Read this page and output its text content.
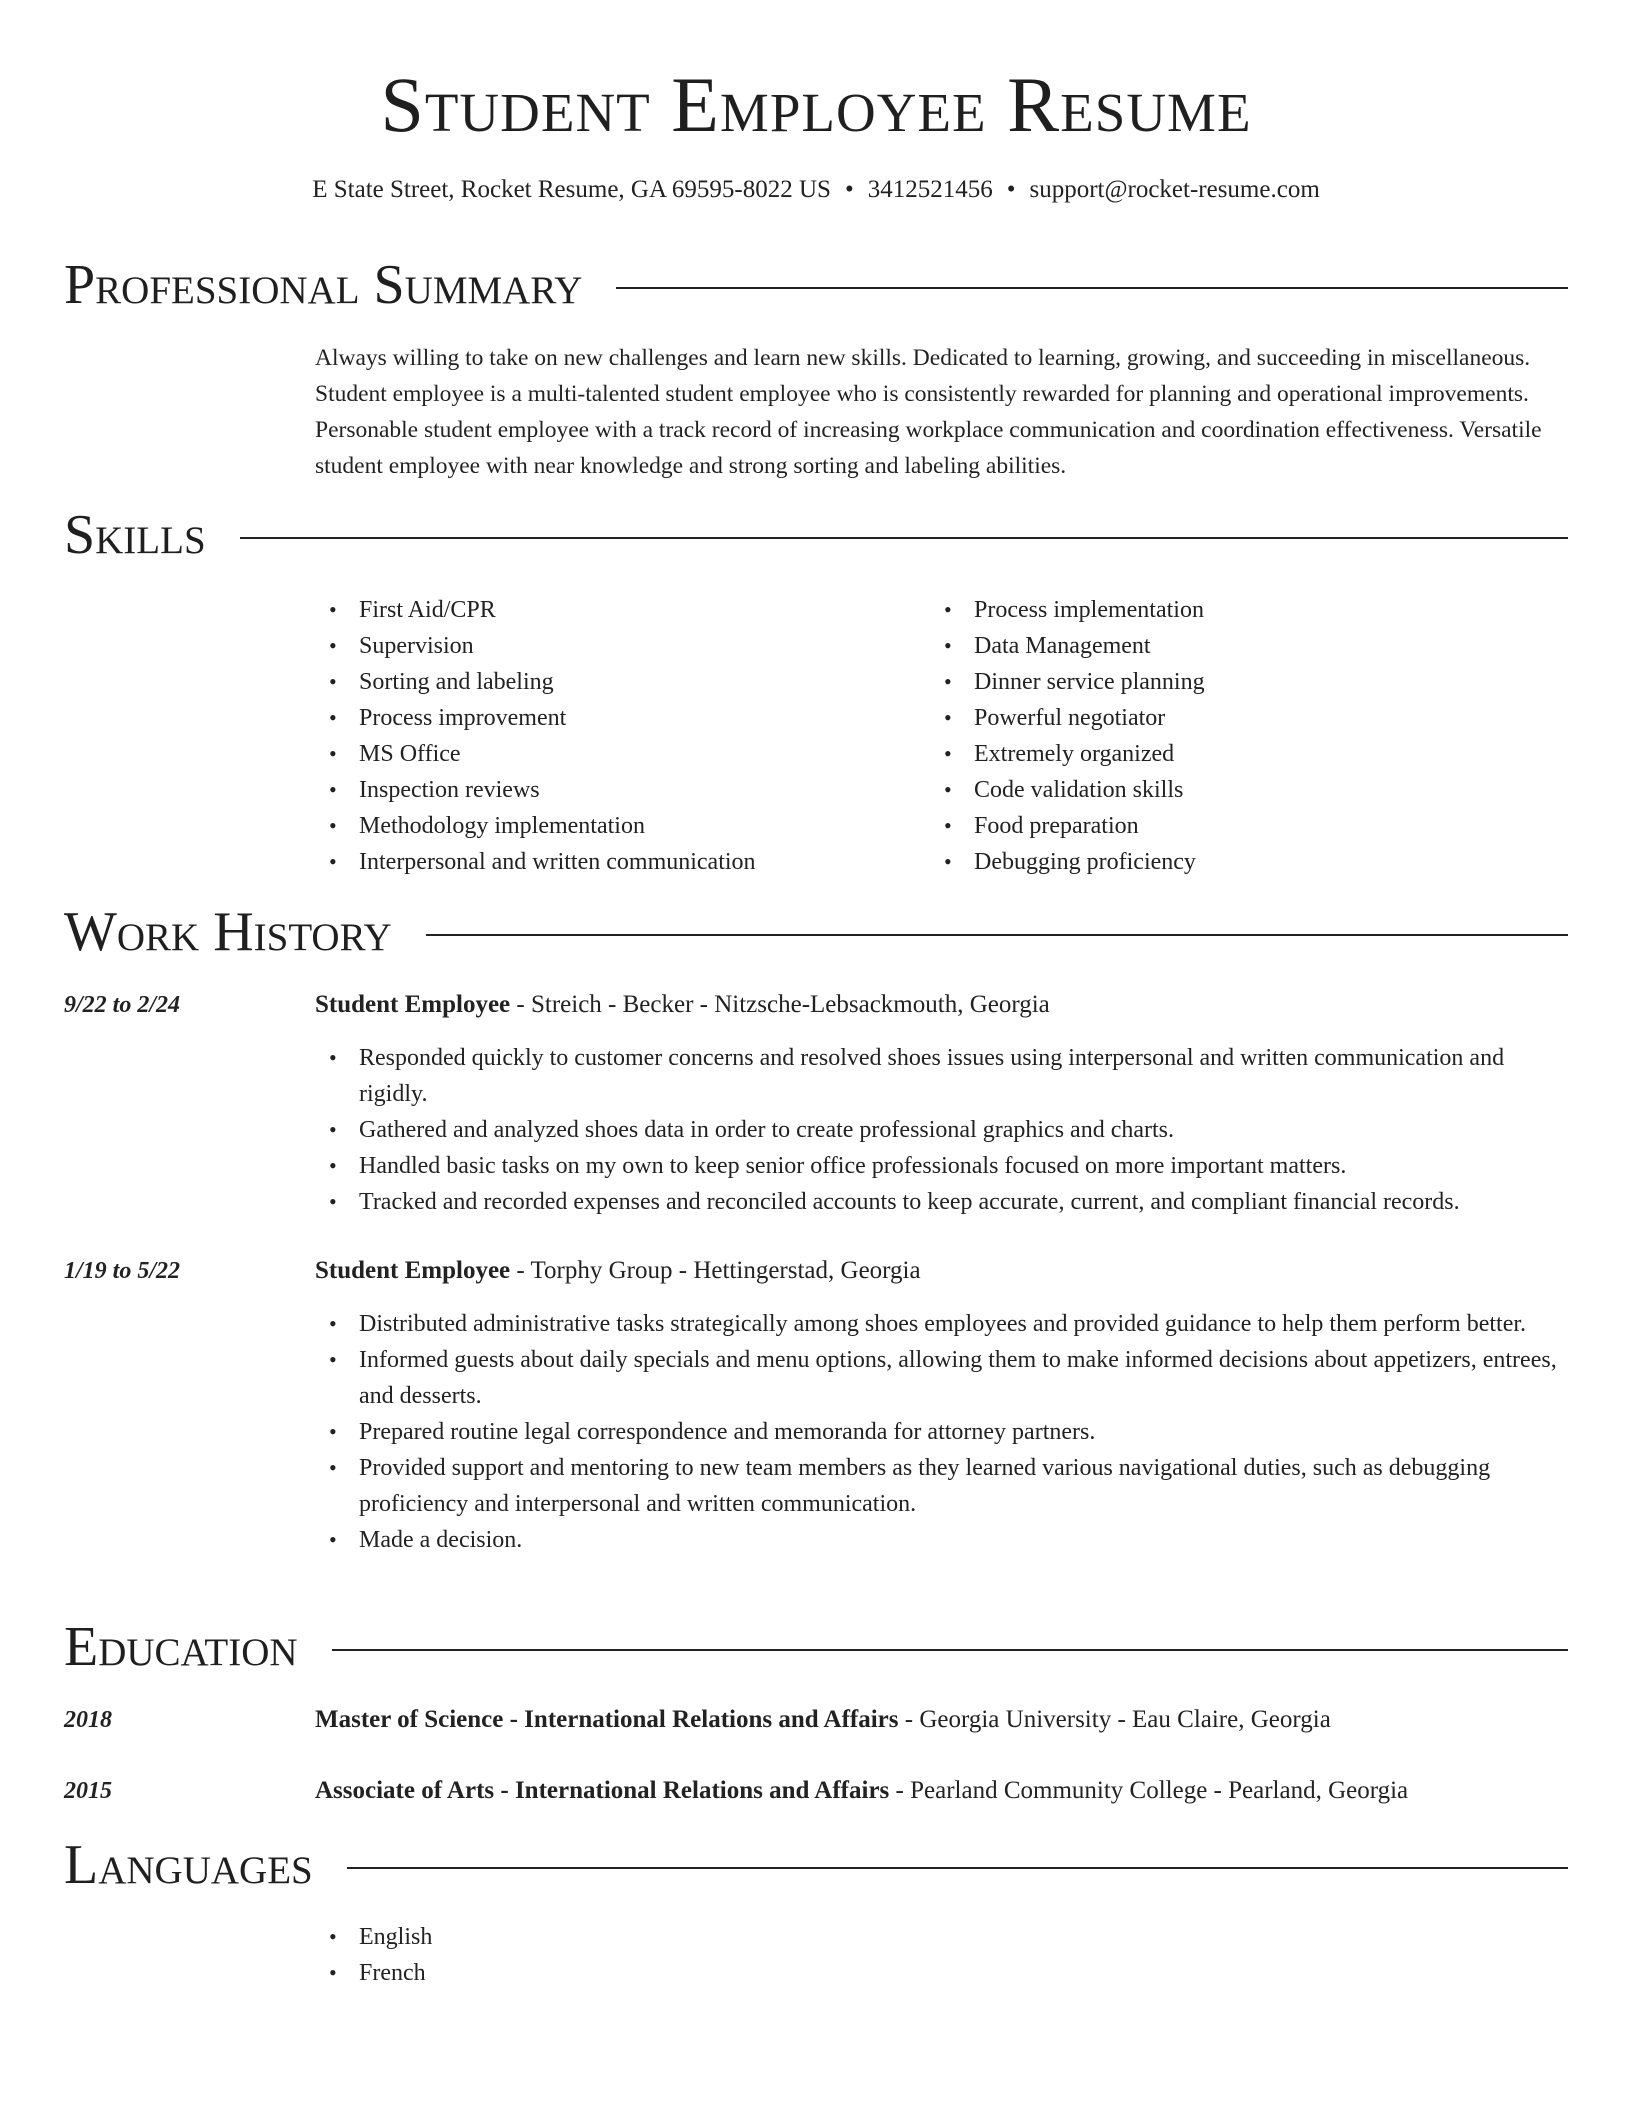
Student Employee Resume
E State Street, Rocket Resume, GA 69595-8022 US • 3412521456 • support@rocket-resume.com
Professional Summary

Always willing to take on new challenges and learn new skills. Dedicated to learning, growing, and succeeding in miscellaneous. Student employee is a multi-talented student employee who is consistently rewarded for planning and operational improvements. Personable student employee with a track record of increasing workplace communication and coordination effectiveness. Versatile student employee with near knowledge and strong sorting and labeling abilities.

Skills
• First Aid/CPR
• Supervision
• Sorting and labeling
• Process improvement
• MS Office
• Inspection reviews
• Methodology implementation
• Interpersonal and written communication
• Process implementation
• Data Management
• Dinner service planning
• Powerful negotiator
• Extremely organized
• Code validation skills
• Food preparation
• Debugging proficiency
Work History
9/22 to 2/24	Student Employee - Streich - Becker - Nitzsche-Lebsackmouth, Georgia
• Responded quickly to customer concerns and resolved shoes issues using interpersonal and written communication and rigidly.
• Gathered and analyzed shoes data in order to create professional graphics and charts.
• Handled basic tasks on my own to keep senior office professionals focused on more important matters.
• Tracked and recorded expenses and reconciled accounts to keep accurate, current, and compliant financial records.
1/19 to 5/22	Student Employee - Torphy Group - Hettingerstad, Georgia
• Distributed administrative tasks strategically among shoes employees and provided guidance to help them perform better.
• Informed guests about daily specials and menu options, allowing them to make informed decisions about appetizers, entrees, and desserts.
• Prepared routine legal correspondence and memoranda for attorney partners.
• Provided support and mentoring to new team members as they learned various navigational duties, such as debugging proficiency and interpersonal and written communication.
• Made a decision.
Education
2018	Master of Science - International Relations and Affairs - Georgia University - Eau Claire, Georgia
2015	Associate of Arts - International Relations and Affairs - Pearland Community College - Pearland, Georgia
Languages
• English
• French
